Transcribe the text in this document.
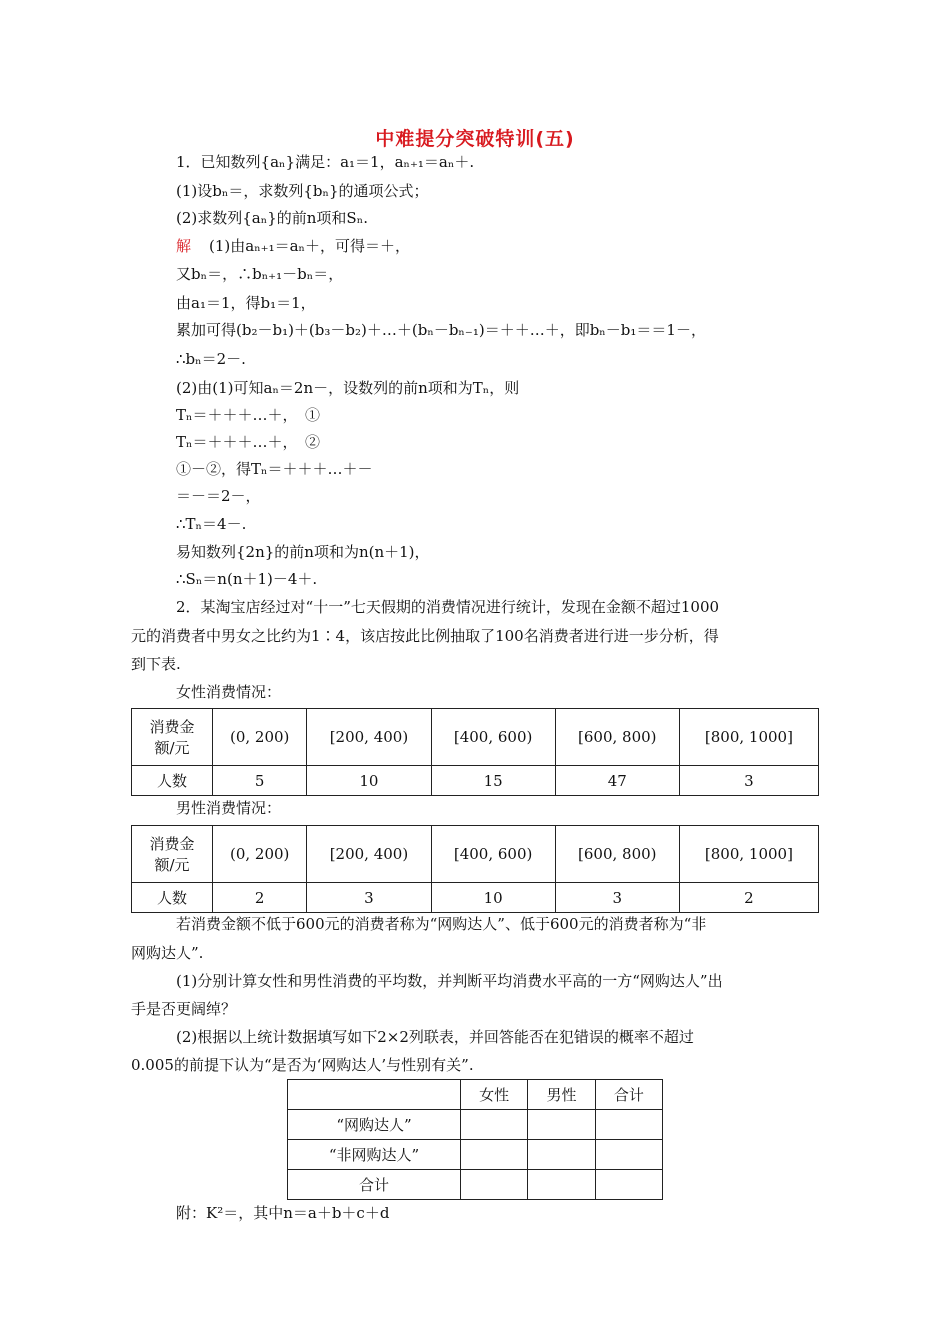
中难提分突破特训(五)
1．已知数列{aₙ}满足：a₁＝1，aₙ₊₁＝aₙ＋.
(1)设bₙ＝，求数列{bₙ}的通项公式；
(2)求数列{aₙ}的前n项和Sₙ.
解 (1)由aₙ₊₁＝aₙ＋，可得＝＋，
又bₙ＝，∴bₙ₊₁－bₙ＝，
由a₁＝1，得b₁＝1，
累加可得(b₂－b₁)＋(b₃－b₂)＋…＋(bₙ－bₙ₋₁)＝＋＋…＋，即bₙ－b₁＝＝1－，
∴bₙ＝2－.
(2)由(1)可知aₙ＝2n－，设数列的前n项和为Tₙ，则
Tₙ＝＋＋＋…＋，　①
Tₙ＝＋＋＋…＋，　②
①－②，得Tₙ＝＋＋＋…＋－
＝－＝2－，
∴Tₙ＝4－.
易知数列{2n}的前n项和为n(n＋1)，
∴Sₙ＝n(n＋1)－4＋.
2．某淘宝店经过对“十一”七天假期的消费情况进行统计，发现在金额不超过1000
元的消费者中男女之比约为1∶4，该店按此比例抽取了100名消费者进行进一步分析，得
到下表.
女性消费情况：
消费金
额/元	(0, 200)	[200, 400)	[400, 600)	[600, 800)	[800, 1000]
人数	5	10	15	47	3
男性消费情况：
消费金
额/元	(0, 200)	[200, 400)	[400, 600)	[600, 800)	[800, 1000]
人数	2	3	10	3	2
若消费金额不低于600元的消费者称为“网购达人”、低于600元的消费者称为“非
网购达人”.
(1)分别计算女性和男性消费的平均数，并判断平均消费水平高的一方“网购达人”出
手是否更阔绰？
(2)根据以上统计数据填写如下2×2列联表，并回答能否在犯错误的概率不超过
0.005的前提下认为“是否为‘网购达人’与性别有关”.
	女性	男性	合计
“网购达人”			
“非网购达人”			
合计			
附：K²＝，其中n＝a＋b＋c＋d
